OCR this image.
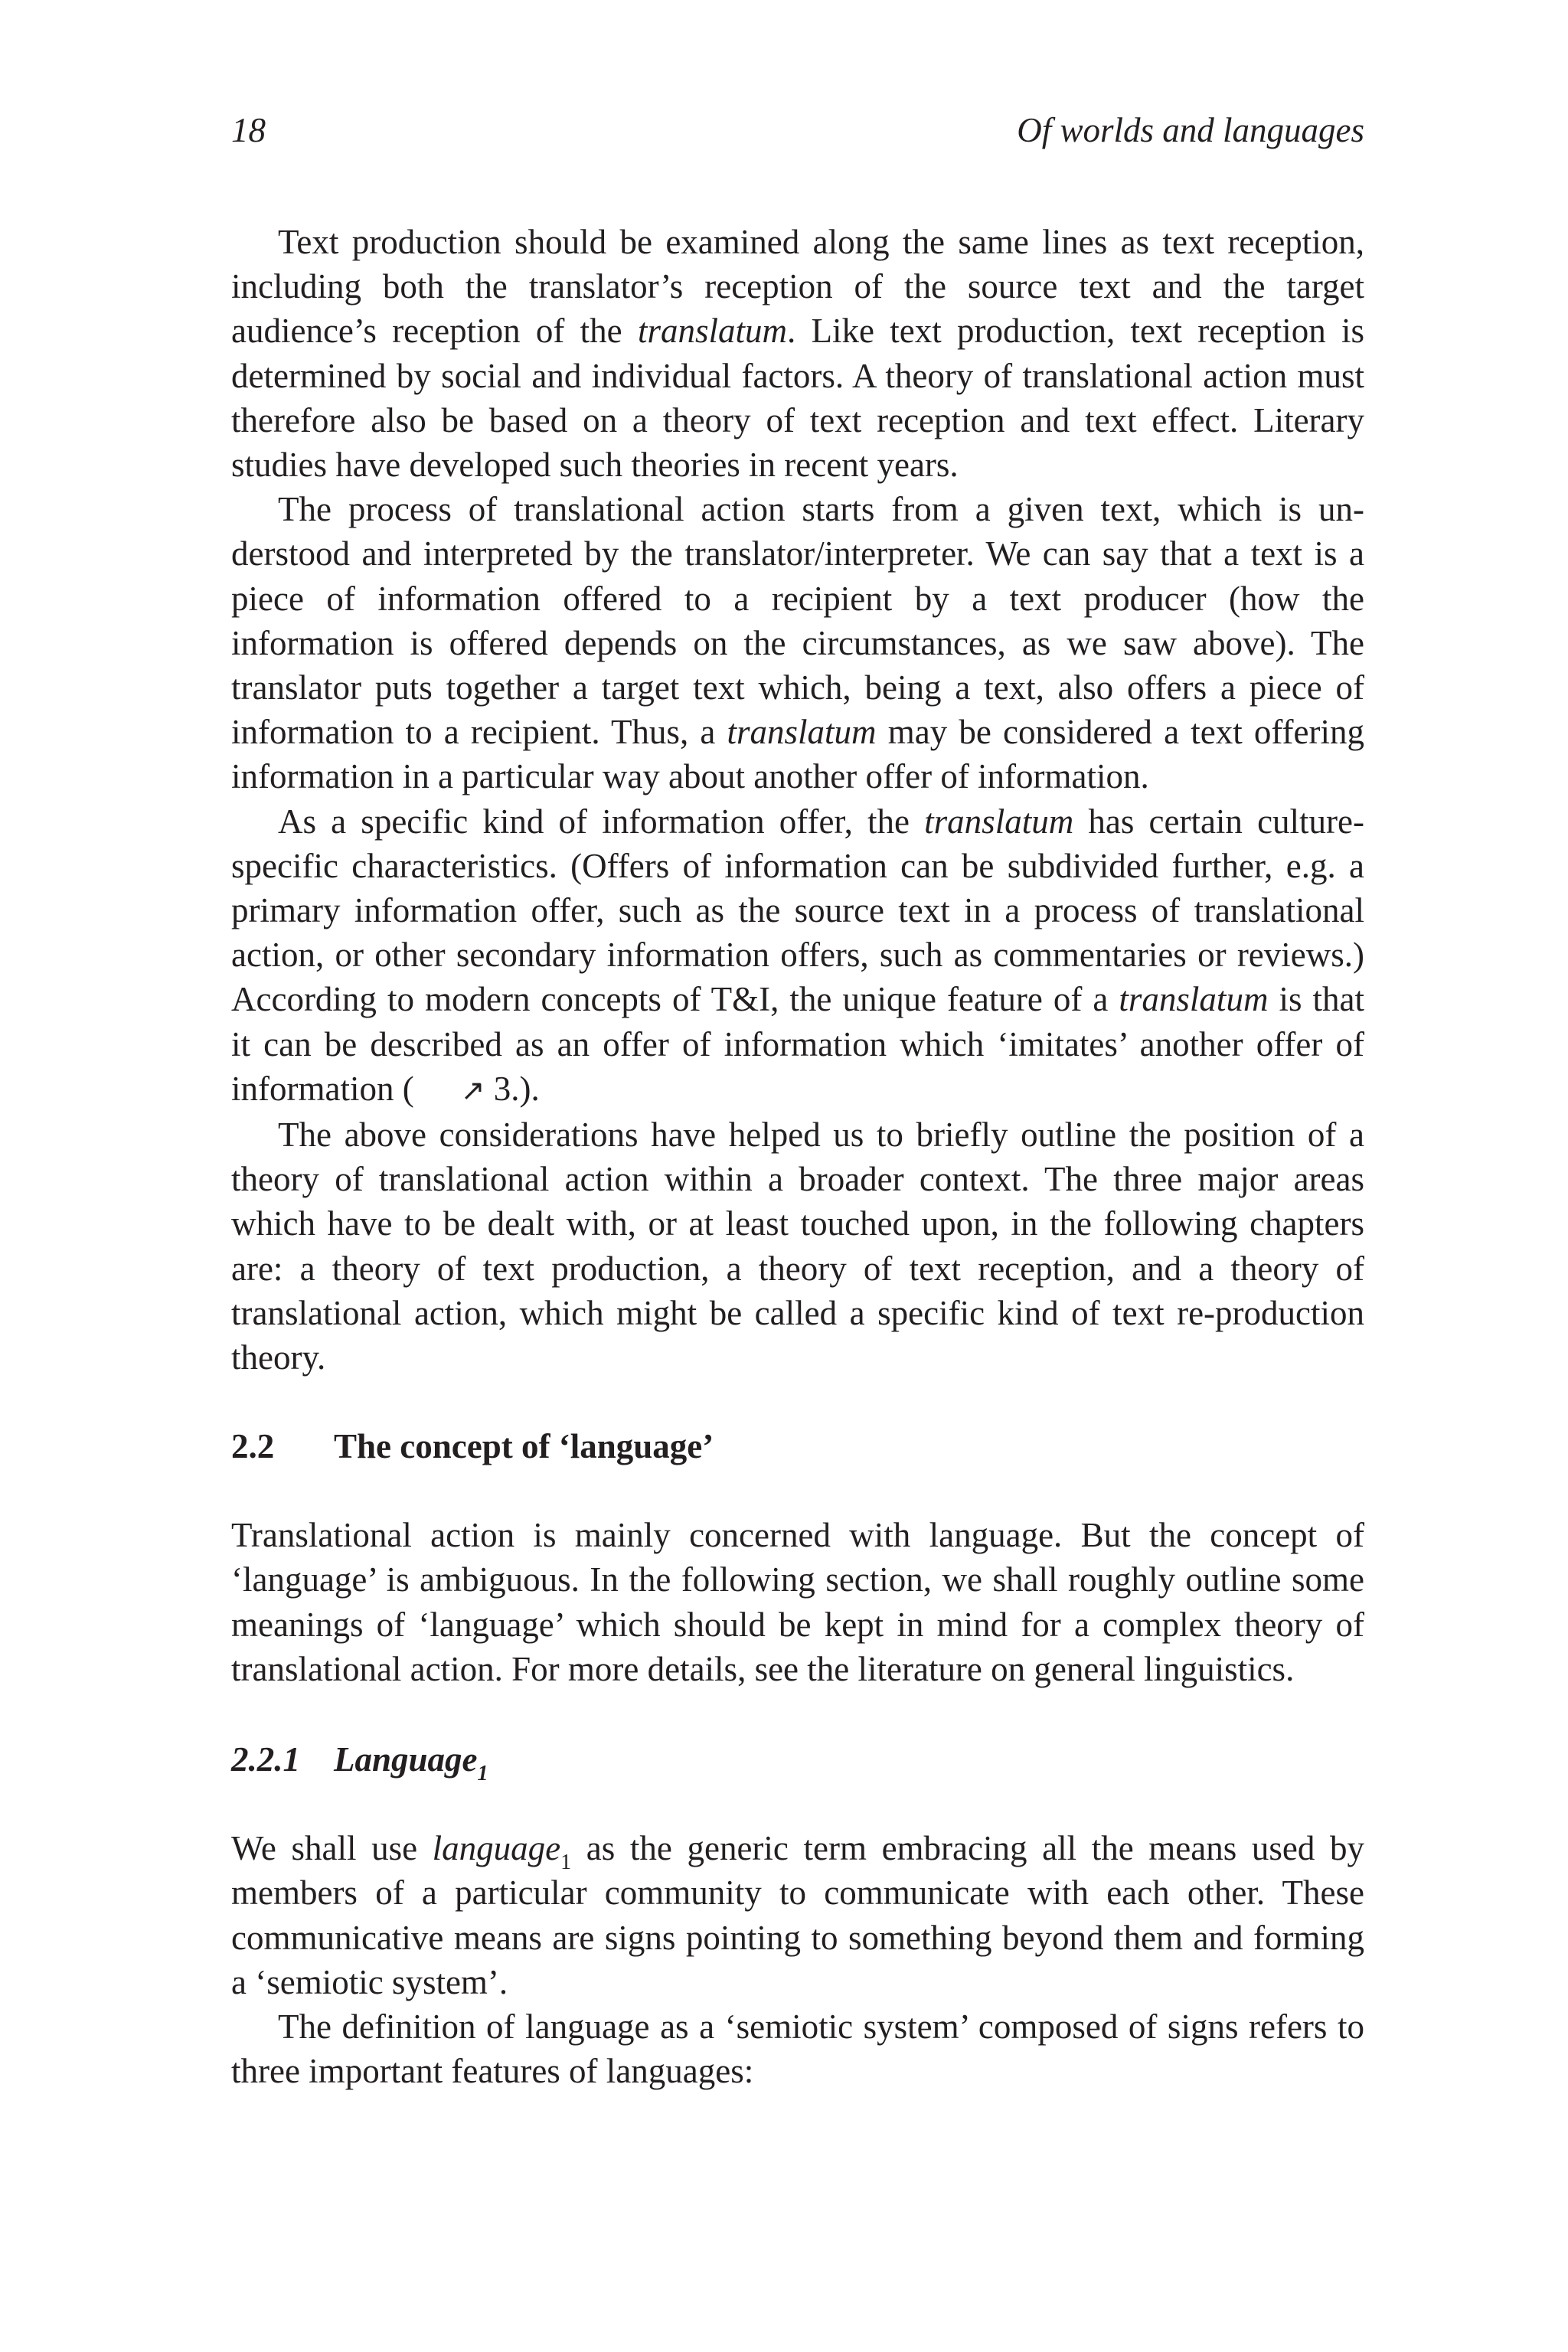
18	Of worlds and languages

Text production should be examined along the same lines as text reception, including both the translator’s reception of the source text and the target audience’s reception of the translatum. Like text production, text reception is determined by social and individual factors. A theory of translational action must therefore also be based on a theory of text reception and text effect. Literary studies have developed such theories in recent years.

The process of translational action starts from a given text, which is understood and interpreted by the translator/interpreter. We can say that a text is a piece of information offered to a recipient by a text producer (how the information is offered depends on the circumstances, as we saw above). The translator puts together a target text which, being a text, also offers a piece of information to a recipient. Thus, a translatum may be considered a text offering information in a particular way about another offer of information.

As a specific kind of information offer, the translatum has certain culture-specific characteristics. (Offers of information can be subdivided further, e.g. a primary information offer, such as the source text in a process of translational action, or other secondary information offers, such as commentaries or reviews.) According to modern concepts of T&I, the unique feature of a translatum is that it can be described as an offer of information which ‘imitates’ another offer of information ( ↗ 3.).

The above considerations have helped us to briefly outline the position of a theory of translational action within a broader context. The three major areas which have to be dealt with, or at least touched upon, in the following chapters are: a theory of text production, a theory of text reception, and a theory of translational action, which might be called a specific kind of text re-production theory.

2.2 The concept of ‘language’

Translational action is mainly concerned with language. But the concept of ‘language’ is ambiguous. In the following section, we shall roughly outline some meanings of ‘language’ which should be kept in mind for a complex theory of translational action. For more details, see the literature on general linguistics.

2.2.1 Language$_1$

We shall use language$_1$ as the generic term embracing all the means used by members of a particular community to communicate with each other. These communicative means are signs pointing to something beyond them and forming a ‘semiotic system’.

The definition of language as a ‘semiotic system’ composed of signs refers to three important features of languages:
